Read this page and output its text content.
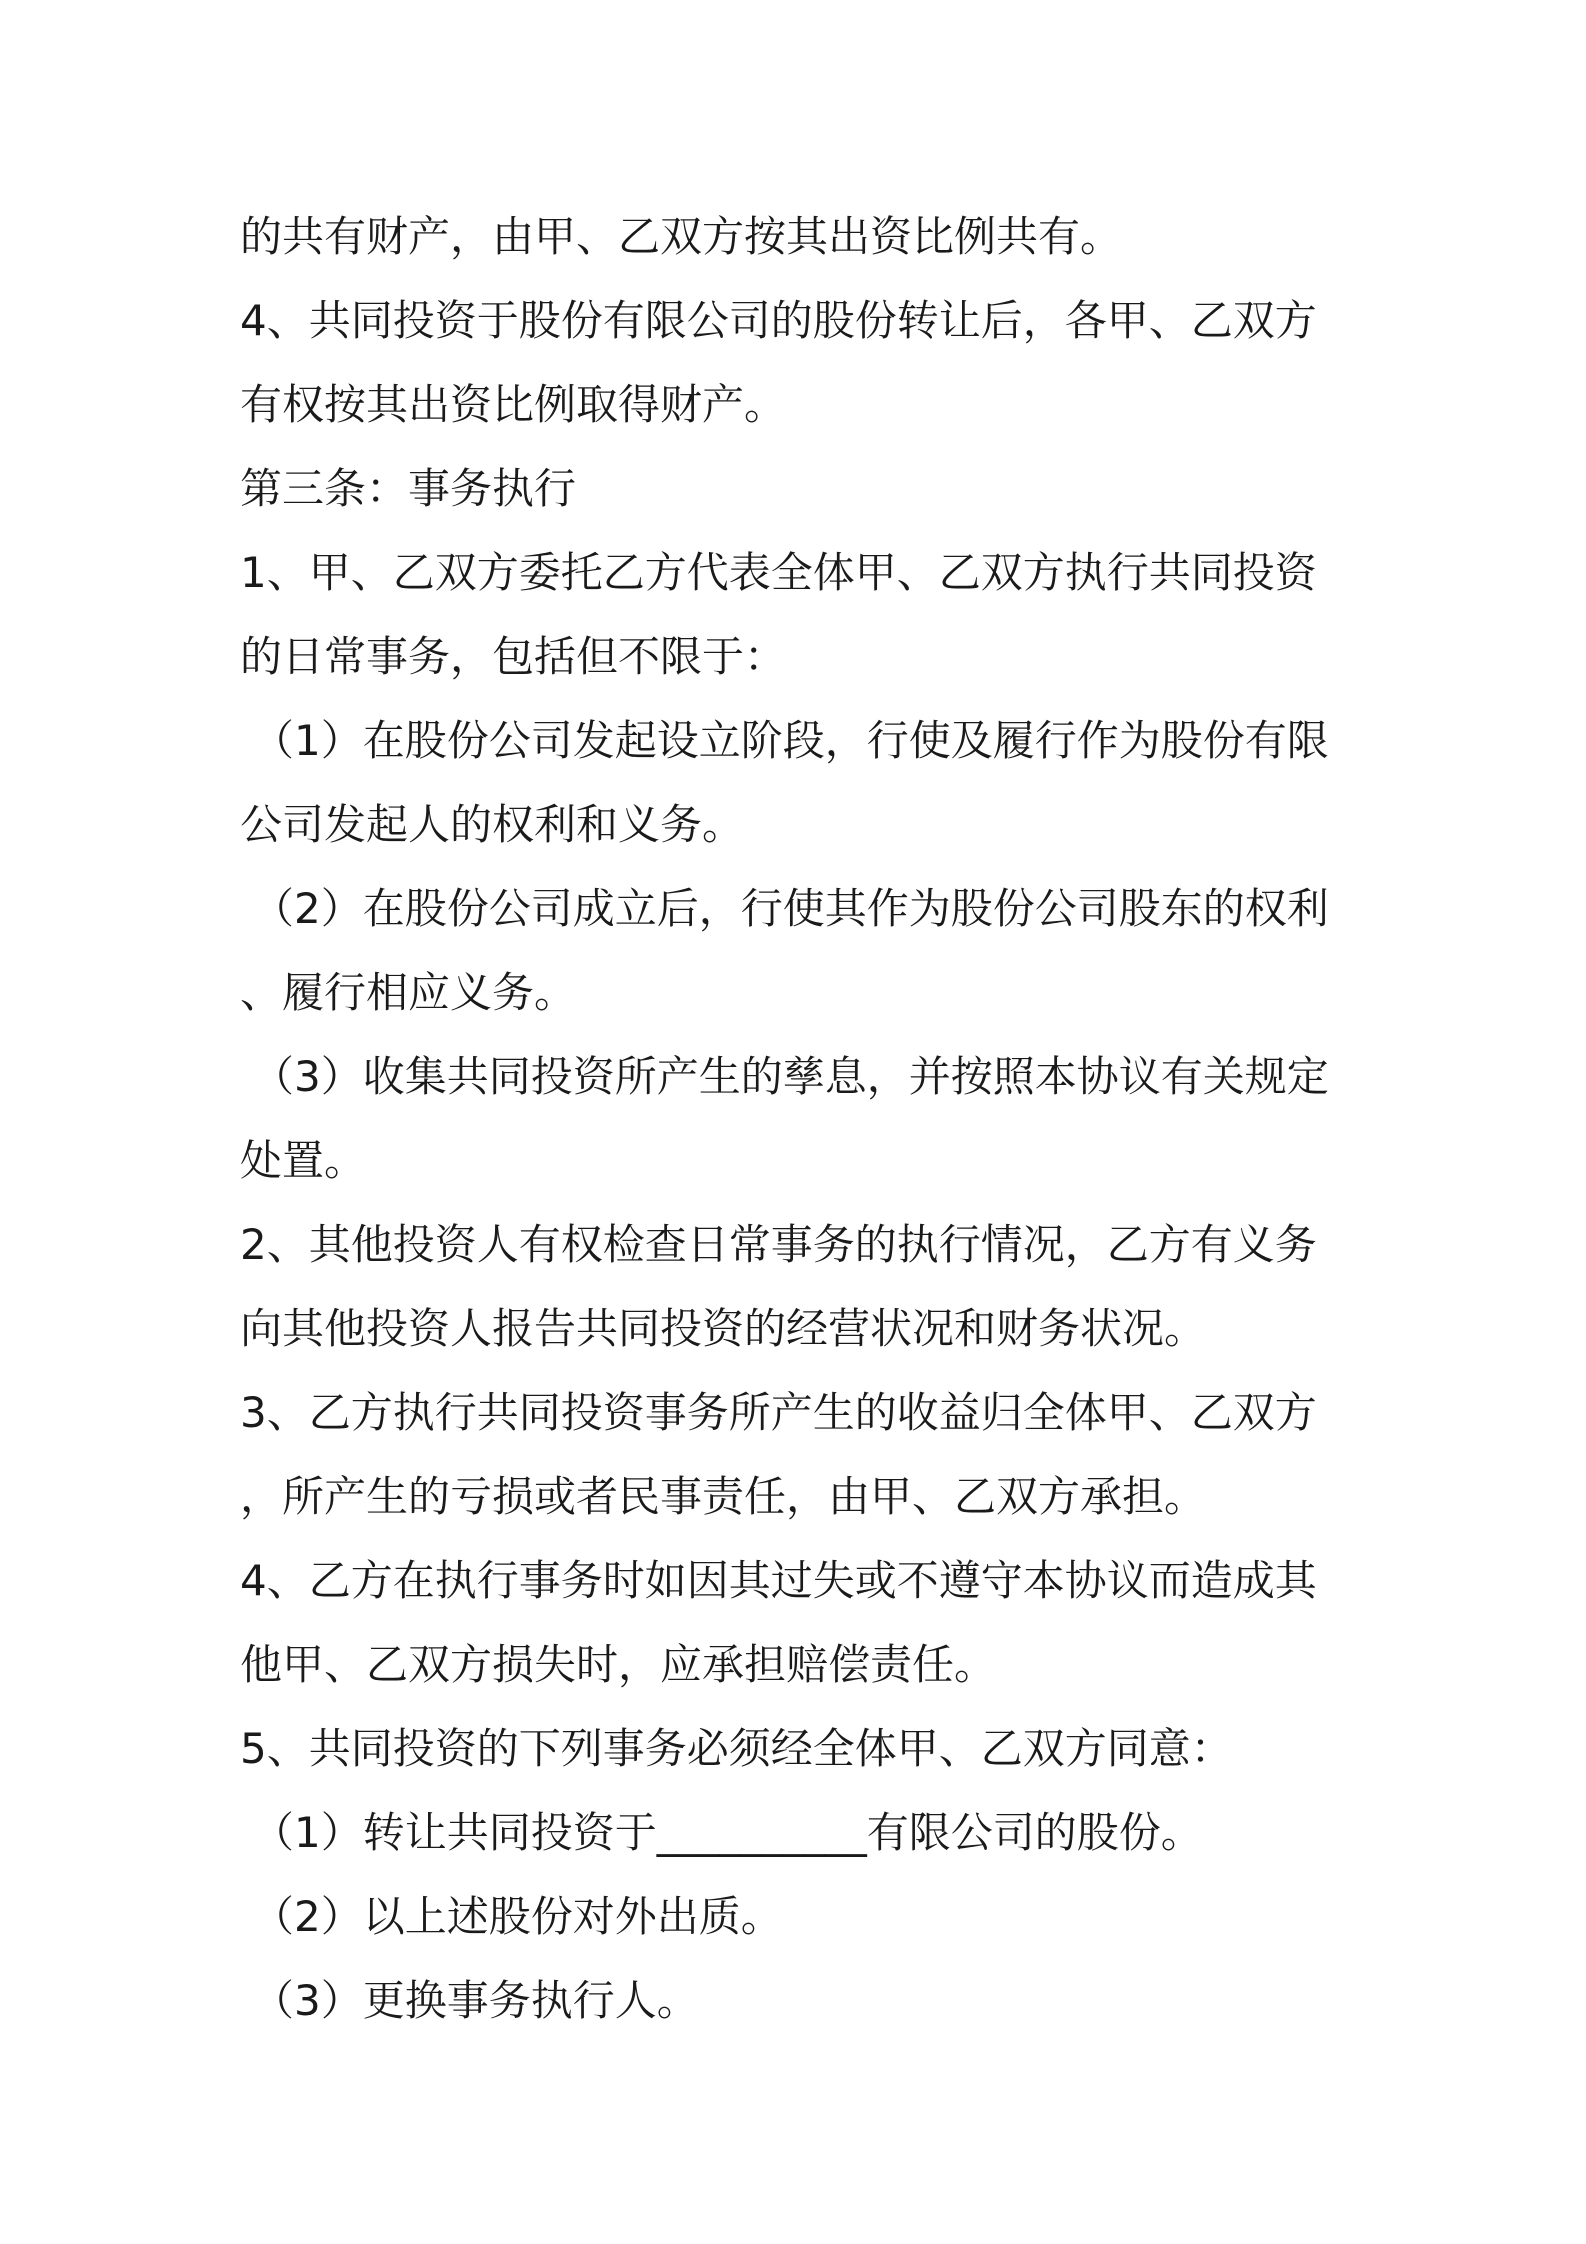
的共有财产，由甲、乙双方按其出资比例共有。
4、共同投资于股份有限公司的股份转让后，各甲、乙双方
有权按其出资比例取得财产。
第三条：事务执行
1、甲、乙双方委托乙方代表全体甲、乙双方执行共同投资
的日常事务，包括但不限于：
（1）在股份公司发起设立阶段，行使及履行作为股份有限
公司发起人的权利和义务。
（2）在股份公司成立后，行使其作为股份公司股东的权利
、履行相应义务。
（3）收集共同投资所产生的孳息，并按照本协议有关规定
处置。
2、其他投资人有权检查日常事务的执行情况，乙方有义务
向其他投资人报告共同投资的经营状况和财务状况。
3、乙方执行共同投资事务所产生的收益归全体甲、乙双方
，所产生的亏损或者民事责任，由甲、乙双方承担。
4、乙方在执行事务时如因其过失或不遵守本协议而造成其
他甲、乙双方损失时，应承担赔偿责任。
5、共同投资的下列事务必须经全体甲、乙双方同意：
（1）转让共同投资于__________有限公司的股份。
（2）以上述股份对外出质。
（3）更换事务执行人。
